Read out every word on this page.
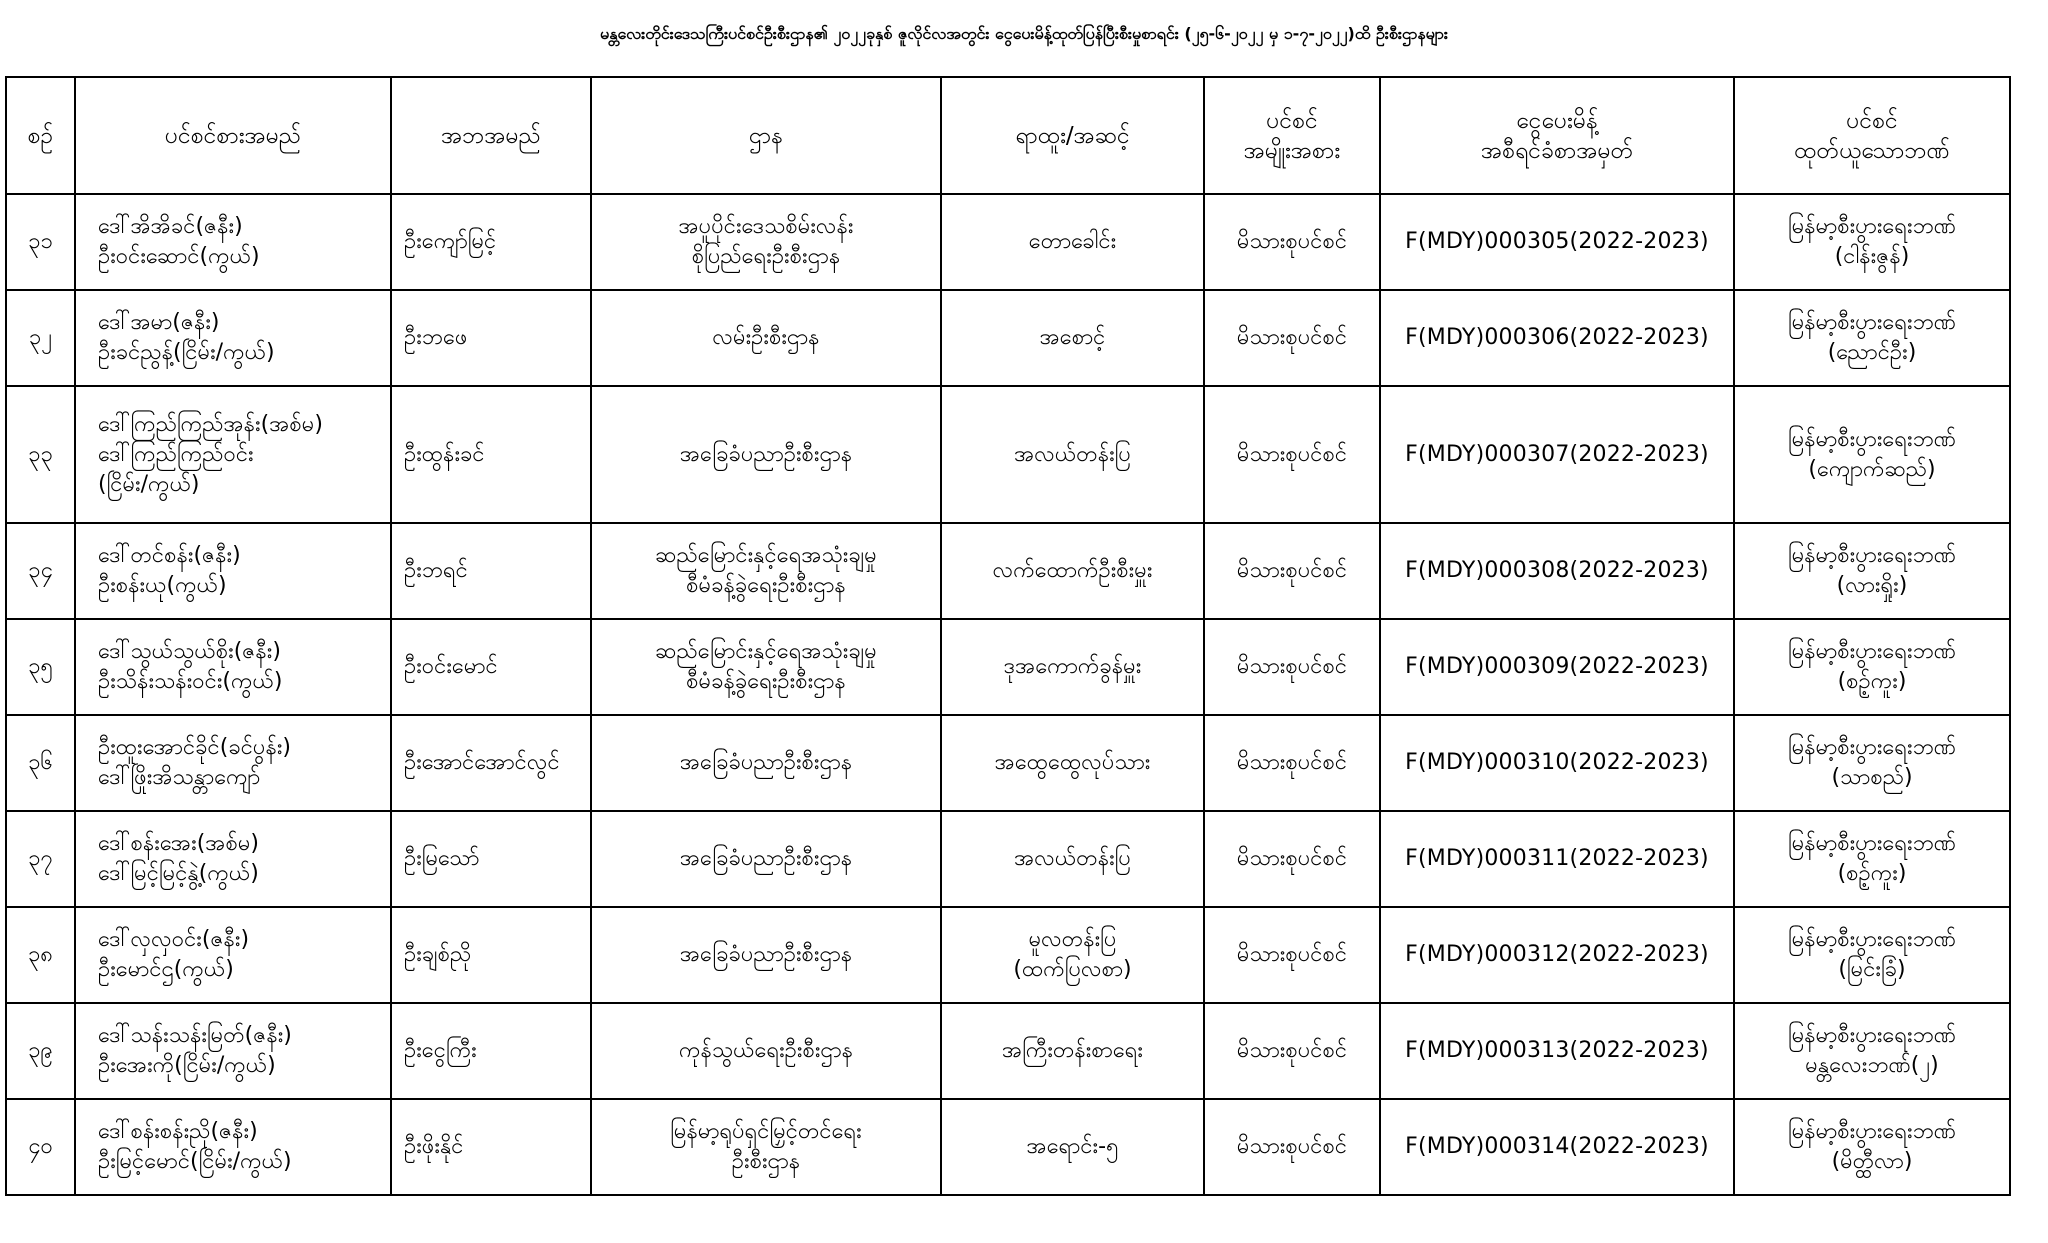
မန္တလေးတိုင်းဒေသကြီးပင်စင်ဦးစီးဌာန၏ ၂၀၂၂ခုနှစ် ဇူလိုင်လအတွင်း ငွေပေးမိန့်ထုတ်ပြန်ပြီးစီးမှုစာရင်း (၂၅-၆-၂၀၂၂ မှ ၁-၇-၂၀၂၂)ထိ ဦးစီးဌာနများ
စဉ်	ပင်စင်စားအမည်	အဘအမည်	ဌာန	ရာထူး/အဆင့်	ပင်စင်
အမျိုးအစား	ငွေပေးမိန့်
အစီရင်ခံစာအမှတ်	ပင်စင်
ထုတ်ယူသောဘဏ်

၃၁	ဒေါ်အိအိခင်(ဇနီး)
ဦးဝင်းဆောင်(ကွယ်)	ဦးကျော်မြင့်	အပူပိုင်းဒေသစိမ်းလန်း
စိုပြည်ရေးဦးစီးဌာန	တောခေါင်း	မိသားစုပင်စင်	F(MDY)000305(2022-2023)	မြန်မာ့စီးပွားရေးဘဏ်
(ငါန်းဇွန်)

၃၂	ဒေါ်အမာ(ဇနီး)
ဦးခင်ညွန့်(ငြိမ်း/ကွယ်)	ဦးဘဖေ	လမ်းဦးစီးဌာန	အစောင့်	မိသားစုပင်စင်	F(MDY)000306(2022-2023)	မြန်မာ့စီးပွားရေးဘဏ်
(ညောင်ဦး)

၃၃	ဒေါ်ကြည်ကြည်အုန်း(အစ်မ)
ဒေါ်ကြည်ကြည်ဝင်း
(ငြိမ်း/ကွယ်)	ဦးထွန်းခင်	အခြေခံပညာဦးစီးဌာန	အလယ်တန်းပြ	မိသားစုပင်စင်	F(MDY)000307(2022-2023)	မြန်မာ့စီးပွားရေးဘဏ်
(ကျောက်ဆည်)

၃၄	ဒေါ်တင်စန်း(ဇနီး)
ဦးစန်းယု(ကွယ်)	ဦးဘရင်	ဆည်မြောင်းနှင့်ရေအသုံးချမှု
စီမံခန့်ခွဲရေးဦးစီးဌာန	လက်ထောက်ဦးစီးမှူး	မိသားစုပင်စင်	F(MDY)000308(2022-2023)	မြန်မာ့စီးပွားရေးဘဏ်
(လားရှိုး)

၃၅	ဒေါ်သွယ်သွယ်စိုး(ဇနီး)
ဦးသိန်းသန်းဝင်း(ကွယ်)	ဦးဝင်းမောင်	ဆည်မြောင်းနှင့်ရေအသုံးချမှု
စီမံခန့်ခွဲရေးဦးစီးဌာန	ဒုအကောက်ခွန်မှူး	မိသားစုပင်စင်	F(MDY)000309(2022-2023)	မြန်မာ့စီးပွားရေးဘဏ်
(စဉ့်ကူး)

၃၆	ဦးထူးအောင်ခိုင်(ခင်ပွန်း)
ဒေါ်ဖြိုးအိသန္တာကျော်	ဦးအောင်အောင်လွင်	အခြေခံပညာဦးစီးဌာန	အထွေထွေလုပ်သား	မိသားစုပင်စင်	F(MDY)000310(2022-2023)	မြန်မာ့စီးပွားရေးဘဏ်
(သာစည်)

၃၇	ဒေါ်စန်းအေး(အစ်မ)
ဒေါ်မြင့်မြင့်နွဲ့(ကွယ်)	ဦးမြသော်	အခြေခံပညာဦးစီးဌာန	အလယ်တန်းပြ	မိသားစုပင်စင်	F(MDY)000311(2022-2023)	မြန်မာ့စီးပွားရေးဘဏ်
(စဉ့်ကူး)

၃၈	ဒေါ်လှလှဝင်း(ဇနီး)
ဦးမောင်ဌ(ကွယ်)	ဦးချစ်ညို	အခြေခံပညာဦးစီးဌာန	မူလတန်းပြ
(ထက်ပြလစာ)	မိသားစုပင်စင်	F(MDY)000312(2022-2023)	မြန်မာ့စီးပွားရေးဘဏ်
(မြင်းခြံ)

၃၉	ဒေါ်သန်းသန်းမြတ်(ဇနီး)
ဦးအေးကို(ငြိမ်း/ကွယ်)	ဦးငွေကြီး	ကုန်သွယ်ရေးဦးစီးဌာန	အကြီးတန်းစာရေး	မိသားစုပင်စင်	F(MDY)000313(2022-2023)	မြန်မာ့စီးပွားရေးဘဏ်
မန္တလေးဘဏ်(၂)

၄၀	ဒေါ်စန်းစန်းညို(ဇနီး)
ဦးမြင့်မောင်(ငြိမ်း/ကွယ်)	ဦးဖိုးနိုင်	မြန်မာ့ရုပ်ရှင်မြှင့်တင်ရေး
ဦးစီးဌာန	အရောင်း-၅	မိသားစုပင်စင်	F(MDY)000314(2022-2023)	မြန်မာ့စီးပွားရေးဘဏ်
(မိတ္ထီလာ)
